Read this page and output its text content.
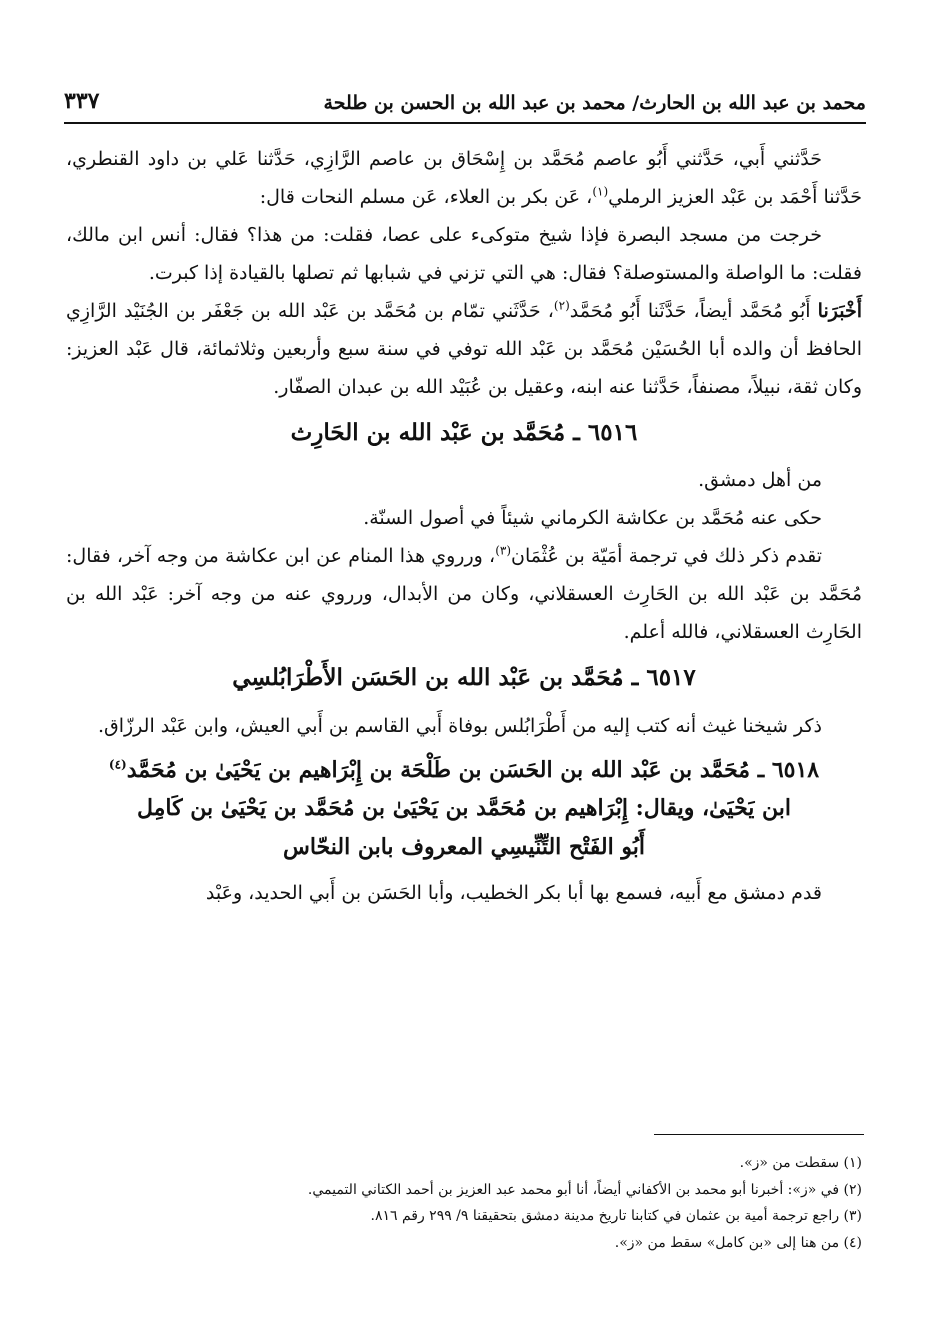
محمد بن عبد الله بن الحارث/ محمد بن عبد الله بن الحسن بن طلحة
٣٣٧

حَدَّثني أَبي، حَدَّثني أَبُو عاصم مُحَمَّد بن إِسْحَاق بن عاصم الرَّازِي، حَدَّثنا عَلي بن داود القنطري، حَدَّثنا أَحْمَد بن عَبْد العزيز الرملي$^{(١)}$، عَن بكر بن العلاء، عَن مسلم النحات قال:

خرجت من مسجد البصرة فإذا شيخ متوكىء على عصا، فقلت: من هذا؟ فقال: أنس ابن مالك، فقلت: ما الواصلة والمستوصلة؟ فقال: هي التي تزني في شبابها ثم تصلها بالقيادة إذا كبرت.

أَخْبَرَنا أَبُو مُحَمَّد أيضاً، حَدَّثَنا أَبُو مُحَمَّد$^{(٢)}$، حَدَّثَني تمّام بن مُحَمَّد بن عَبْد الله بن جَعْفَر بن الجُنَيْد الرَّازِي الحافظ أن والده أبا الحُسَيْن مُحَمَّد بن عَبْد الله توفي في سنة سبع وأربعين وثلاثمائة، قال عَبْد العزيز: وكان ثقة، نبيلاً، مصنفاً، حَدَّثنا عنه ابنه، وعقيل بن عُبَيْد الله بن عبدان الصفّار.

٦٥١٦ ـ مُحَمَّد بن عَبْد الله بن الحَارِث

من أهل دمشق.

حكى عنه مُحَمَّد بن عكاشة الكرماني شيئاً في أصول السنّة.

تقدم ذكر ذلك في ترجمة أمَيّة بن عُثْمَان$^{(٣)}$، ورروي هذا المنام عن ابن عكاشة من وجه آخر، فقال: مُحَمَّد بن عَبْد الله بن الحَارِث العسقلاني، وكان من الأبدال، ورروي عنه من وجه آخر: عَبْد الله بن الحَارِث العسقلاني، فالله أعلم.

٦٥١٧ ـ مُحَمَّد بن عَبْد الله بن الحَسَن الأَطْرَابُلسِي

ذكر شيخنا غيث أنه كتب إليه من أَطْرَابُلس بوفاة أَبي القاسم بن أَبي العيش، وابن عَبْد الرزّاق.

٦٥١٨ ـ مُحَمَّد بن عَبْد الله بن الحَسَن بن طَلْحَة بن إِبْرَاهيم بن يَحْيَىٰ بن مُحَمَّد$^{(٤)}$
ابن يَحْيَىٰ، ويقال: إِبْرَاهيم بن مُحَمَّد بن يَحْيَىٰ بن مُحَمَّد بن يَحْيَىٰ بن كَامِل
أَبُو الفَتْح التِّنِّيسِي المعروف بابن النحّاس

قدم دمشق مع أَبيه، فسمع بها أبا بكر الخطيب، وأبا الحَسَن بن أَبي الحديد، وعَبْد

(١) سقطت من «ز».
(٢) في «ز»: أخبرنا أبو محمد بن الأكفاني أيضاً، أنا أبو محمد عبد العزيز بن أحمد الكتاني التميمي.
(٣) راجع ترجمة أمية بن عثمان في كتابنا تاريخ مدينة دمشق بتحقيقنا ٩/ ٢٩٩ رقم ٨١٦.
(٤) من هنا إلى «بن كامل» سقط من «ز».
